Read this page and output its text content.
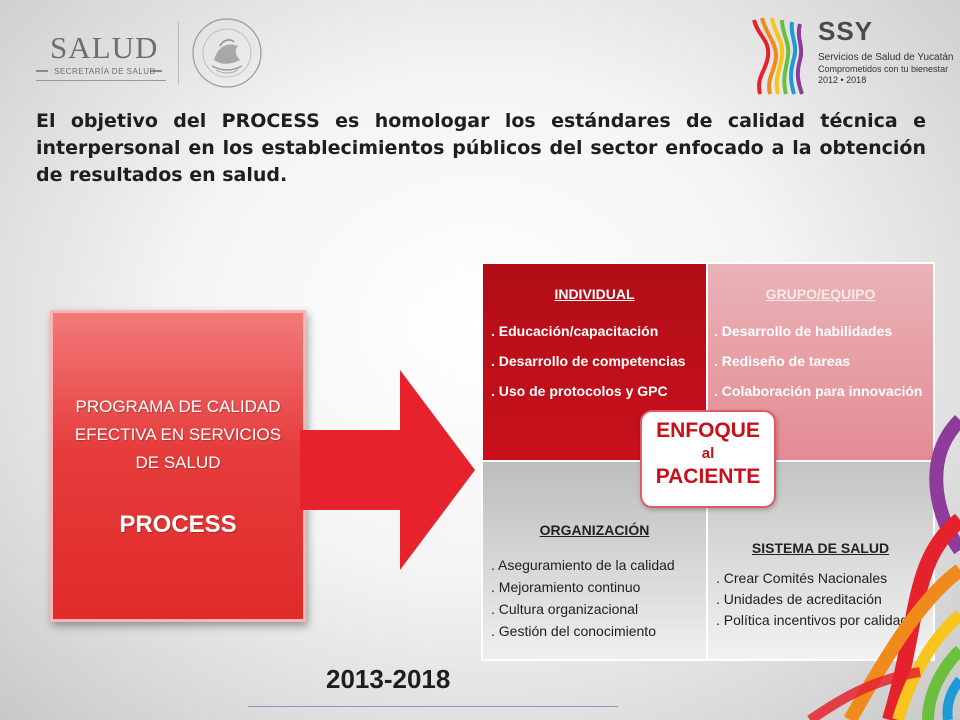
SALUD
SECRETARÍA DE SALUD
SSY
Servicios de Salud de Yucatán
Comprometidos con tu bienestar
2012 • 2018

El objetivo del PROCESS es homologar los estándares de calidad técnica e interpersonal en los establecimientos públicos del sector enfocado a la obtención de resultados en salud.

PROGRAMA DE CALIDAD EFECTIVA EN SERVICIOS DE SALUD
PROCESS
INDIVIDUAL
. Educación/capacitación
. Desarrollo de competencias
. Uso de protocolos y GPC
GRUPO/EQUIPO
. Desarrollo de habilidades
. Rediseño de tareas
. Colaboración para innovación
ORGANIZACIÓN
. Aseguramiento de la calidad
. Mejoramiento continuo
. Cultura organizacional
. Gestión del conocimiento
SISTEMA DE SALUD
. Crear Comités Nacionales
. Unidades de acreditación
. Política incentivos por calidad
ENFOQUE
al
PACIENTE
2013-2018
